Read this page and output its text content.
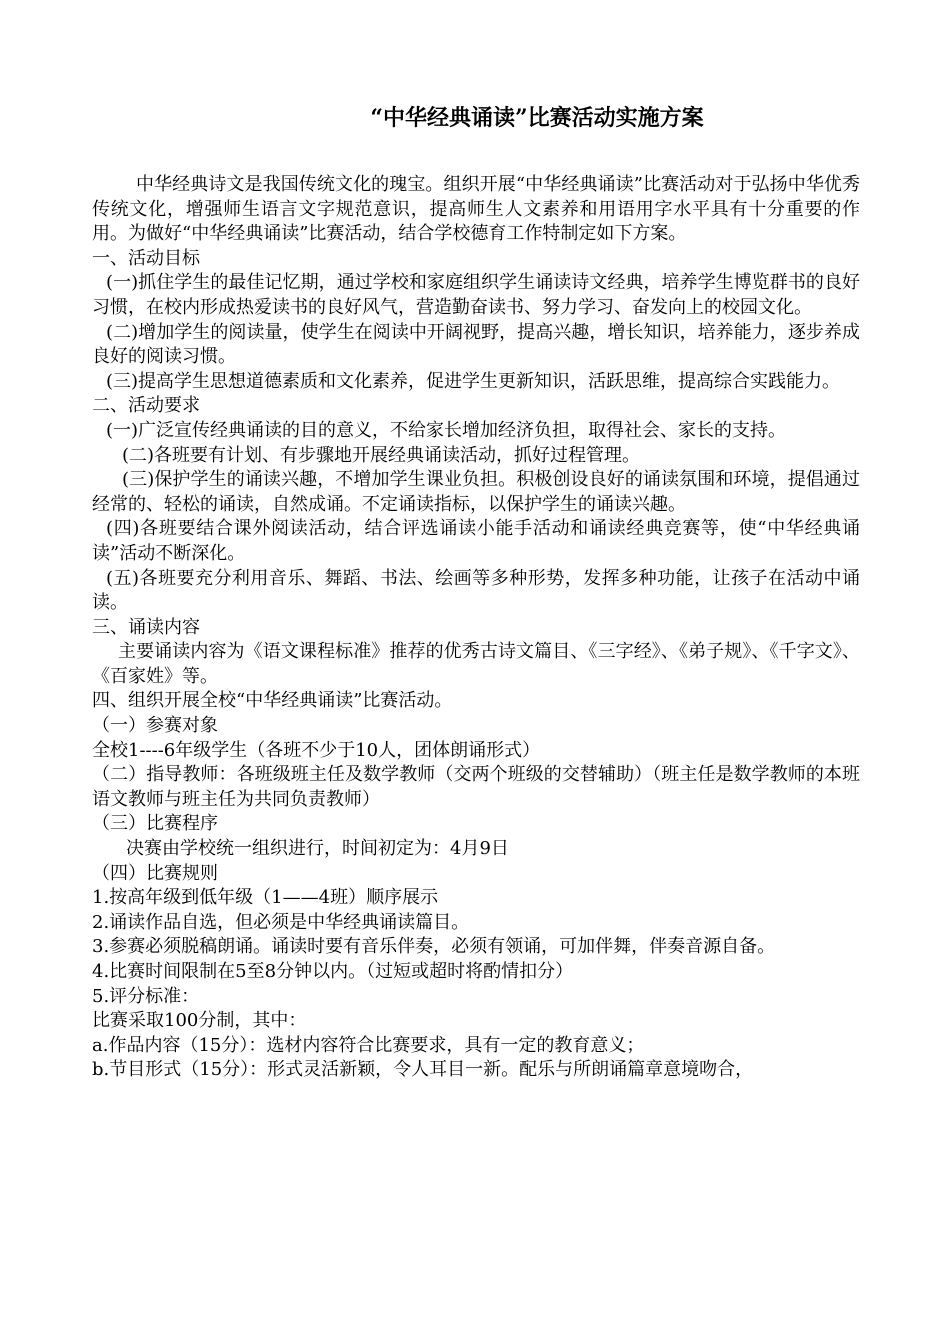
“中华经典诵读”比赛活动实施方案

中华经典诗文是我国传统文化的瑰宝。组织开展“中华经典诵读”比赛活动对于弘扬中华优秀传统文化，增强师生语言文字规范意识，提高师生人文素养和用语用字水平具有十分重要的作用。为做好“中华经典诵读”比赛活动，结合学校德育工作特制定如下方案。

一、活动目标

(一)抓住学生的最佳记忆期，通过学校和家庭组织学生诵读诗文经典，培养学生博览群书的良好习惯，在校内形成热爱读书的良好风气，营造勤奋读书、努力学习、奋发向上的校园文化。

(二)增加学生的阅读量，使学生在阅读中开阔视野，提高兴趣，增长知识，培养能力，逐步养成良好的阅读习惯。

(三)提高学生思想道德素质和文化素养，促进学生更新知识，活跃思维，提高综合实践能力。

二、活动要求

(一)广泛宣传经典诵读的目的意义，不给家长增加经济负担，取得社会、家长的支持。

(二)各班要有计划、有步骤地开展经典诵读活动，抓好过程管理。

(三)保护学生的诵读兴趣，不增加学生课业负担。积极创设良好的诵读氛围和环境，提倡通过经常的、轻松的诵读，自然成诵。不定诵读指标，以保护学生的诵读兴趣。

(四)各班要结合课外阅读活动，结合评选诵读小能手活动和诵读经典竞赛等，使“中华经典诵读”活动不断深化。

(五)各班要充分利用音乐、舞蹈、书法、绘画等多种形势，发挥多种功能，让孩子在活动中诵读。

三、诵读内容

主要诵读内容为《语文课程标准》推荐的优秀古诗文篇目、《三字经》、《弟子规》、《千字文》、《百家姓》等。

四、组织开展全校“中华经典诵读”比赛活动。

（一）参赛对象

全校1----6年级学生（各班不少于10人，团体朗诵形式）

（二）指导教师：各班级班主任及数学教师（交两个班级的交替辅助）（班主任是数学教师的本班语文教师与班主任为共同负责教师）

（三）比赛程序

决赛由学校统一组织进行，时间初定为：4月9日

（四）比赛规则

1.按高年级到低年级（1——4班）顺序展示

2.诵读作品自选，但必须是中华经典诵读篇目。

3.参赛必须脱稿朗诵。诵读时要有音乐伴奏，必须有领诵，可加伴舞，伴奏音源自备。

4.比赛时间限制在5至8分钟以内。（过短或超时将酌情扣分）

5.评分标准：

比赛采取100分制，其中：

a.作品内容（15分）：选材内容符合比赛要求，具有一定的教育意义；

b.节目形式（15分）：形式灵活新颖，令人耳目一新。配乐与所朗诵篇章意境吻合，
